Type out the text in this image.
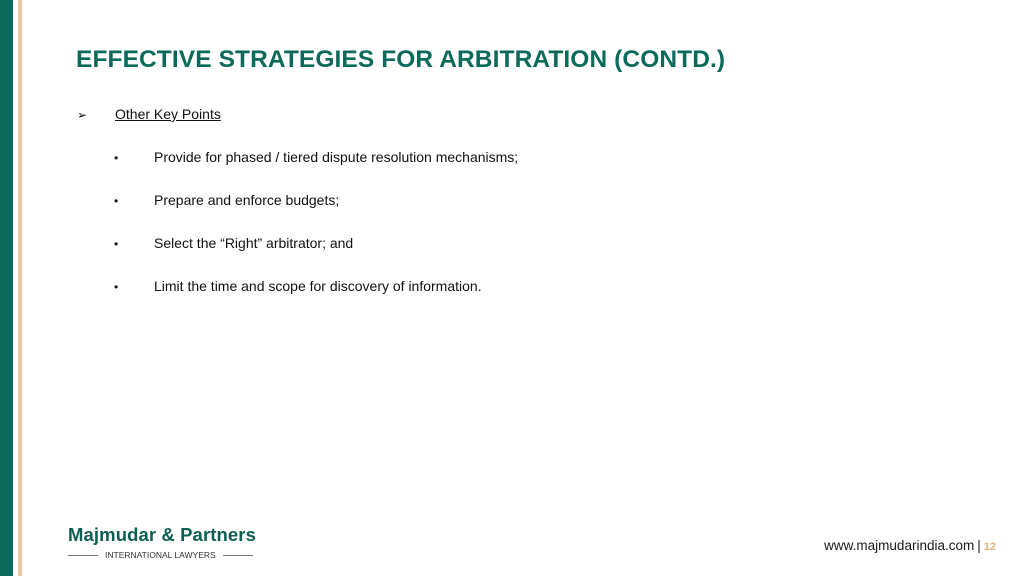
EFFECTIVE STRATEGIES FOR ARBITRATION (CONTD.)
➢ Other Key Points
•	Provide for phased / tiered dispute resolution mechanisms;
•	Prepare and enforce budgets;
•	Select the “Right” arbitrator; and
•	Limit the time and scope for discovery of information.
Majmudar & Partners
INTERNATIONAL LAWYERS
www.majmudarindia.com | 12
